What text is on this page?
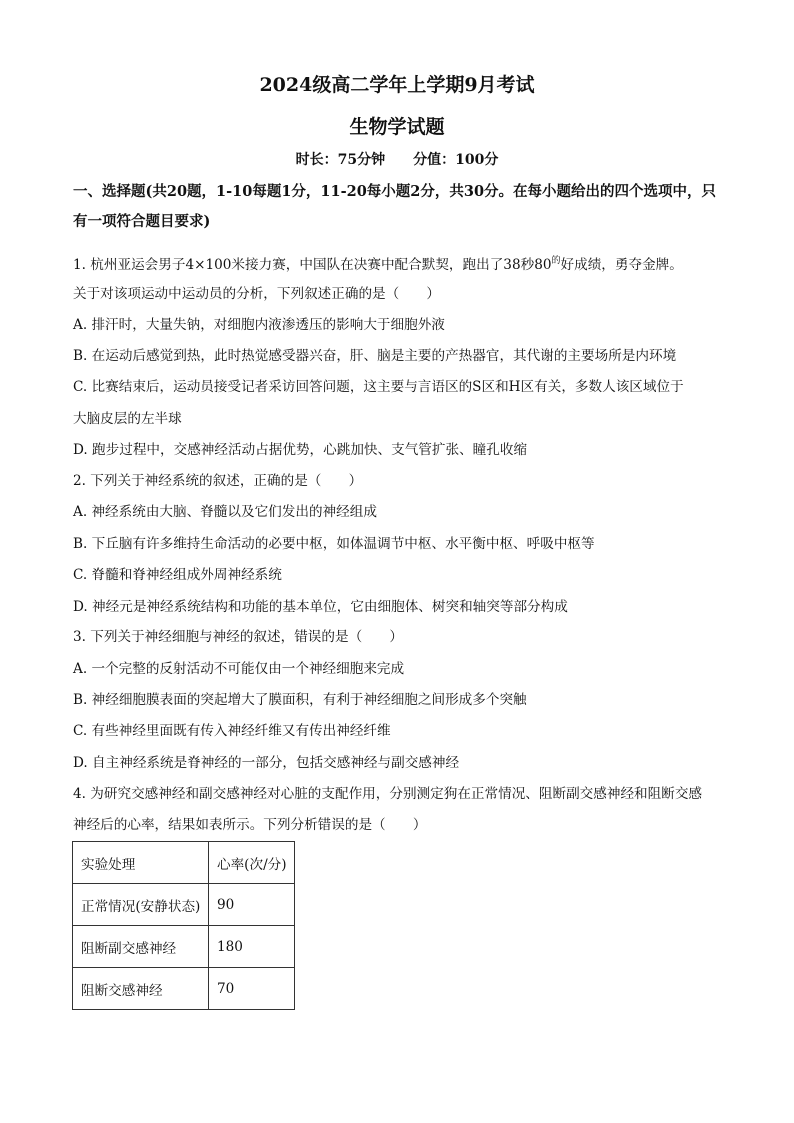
2024级高二学年上学期9月考试
生物学试题
时长：75分钟 分值：100分
一、选择题(共20题，1-10每题1分，11-20每小题2分，共30分。在每小题给出的四个选项中，只有一项符合题目要求)
1. 杭州亚运会男子4×100米接力赛，中国队在决赛中配合默契，跑出了38秒$80^的$好成绩，勇夺金牌。
关于对该项运动中运动员的分析，下列叙述正确的是（　　）
A. 排汗时，大量失钠，对细胞内液渗透压的影响大于细胞外液
B. 在运动后感觉到热，此时热觉感受器兴奋，肝、脑是主要的产热器官，其代谢的主要场所是内环境
C. 比赛结束后，运动员接受记者采访回答问题，这主要与言语区的S区和H区有关，多数人该区域位于
大脑皮层的左半球
D. 跑步过程中，交感神经活动占据优势，心跳加快、支气管扩张、瞳孔收缩
2. 下列关于神经系统的叙述，正确的是（　　）
A. 神经系统由大脑、脊髓以及它们发出的神经组成
B. 下丘脑有许多维持生命活动的必要中枢，如体温调节中枢、水平衡中枢、呼吸中枢等
C. 脊髓和脊神经组成外周神经系统
D. 神经元是神经系统结构和功能的基本单位，它由细胞体、树突和轴突等部分构成
3. 下列关于神经细胞与神经的叙述，错误的是（　　）
A. 一个完整的反射活动不可能仅由一个神经细胞来完成
B. 神经细胞膜表面的突起增大了膜面积，有利于神经细胞之间形成多个突触
C. 有些神经里面既有传入神经纤维又有传出神经纤维
D. 自主神经系统是脊神经的一部分，包括交感神经与副交感神经
4. 为研究交感神经和副交感神经对心脏的支配作用，分别测定狗在正常情况、阻断副交感神经和阻断交感
神经后的心率，结果如表所示。下列分析错误的是（　　）
实验处理	心率(次/分)
正常情况(安静状态)	90
阻断副交感神经	180
阻断交感神经	70
